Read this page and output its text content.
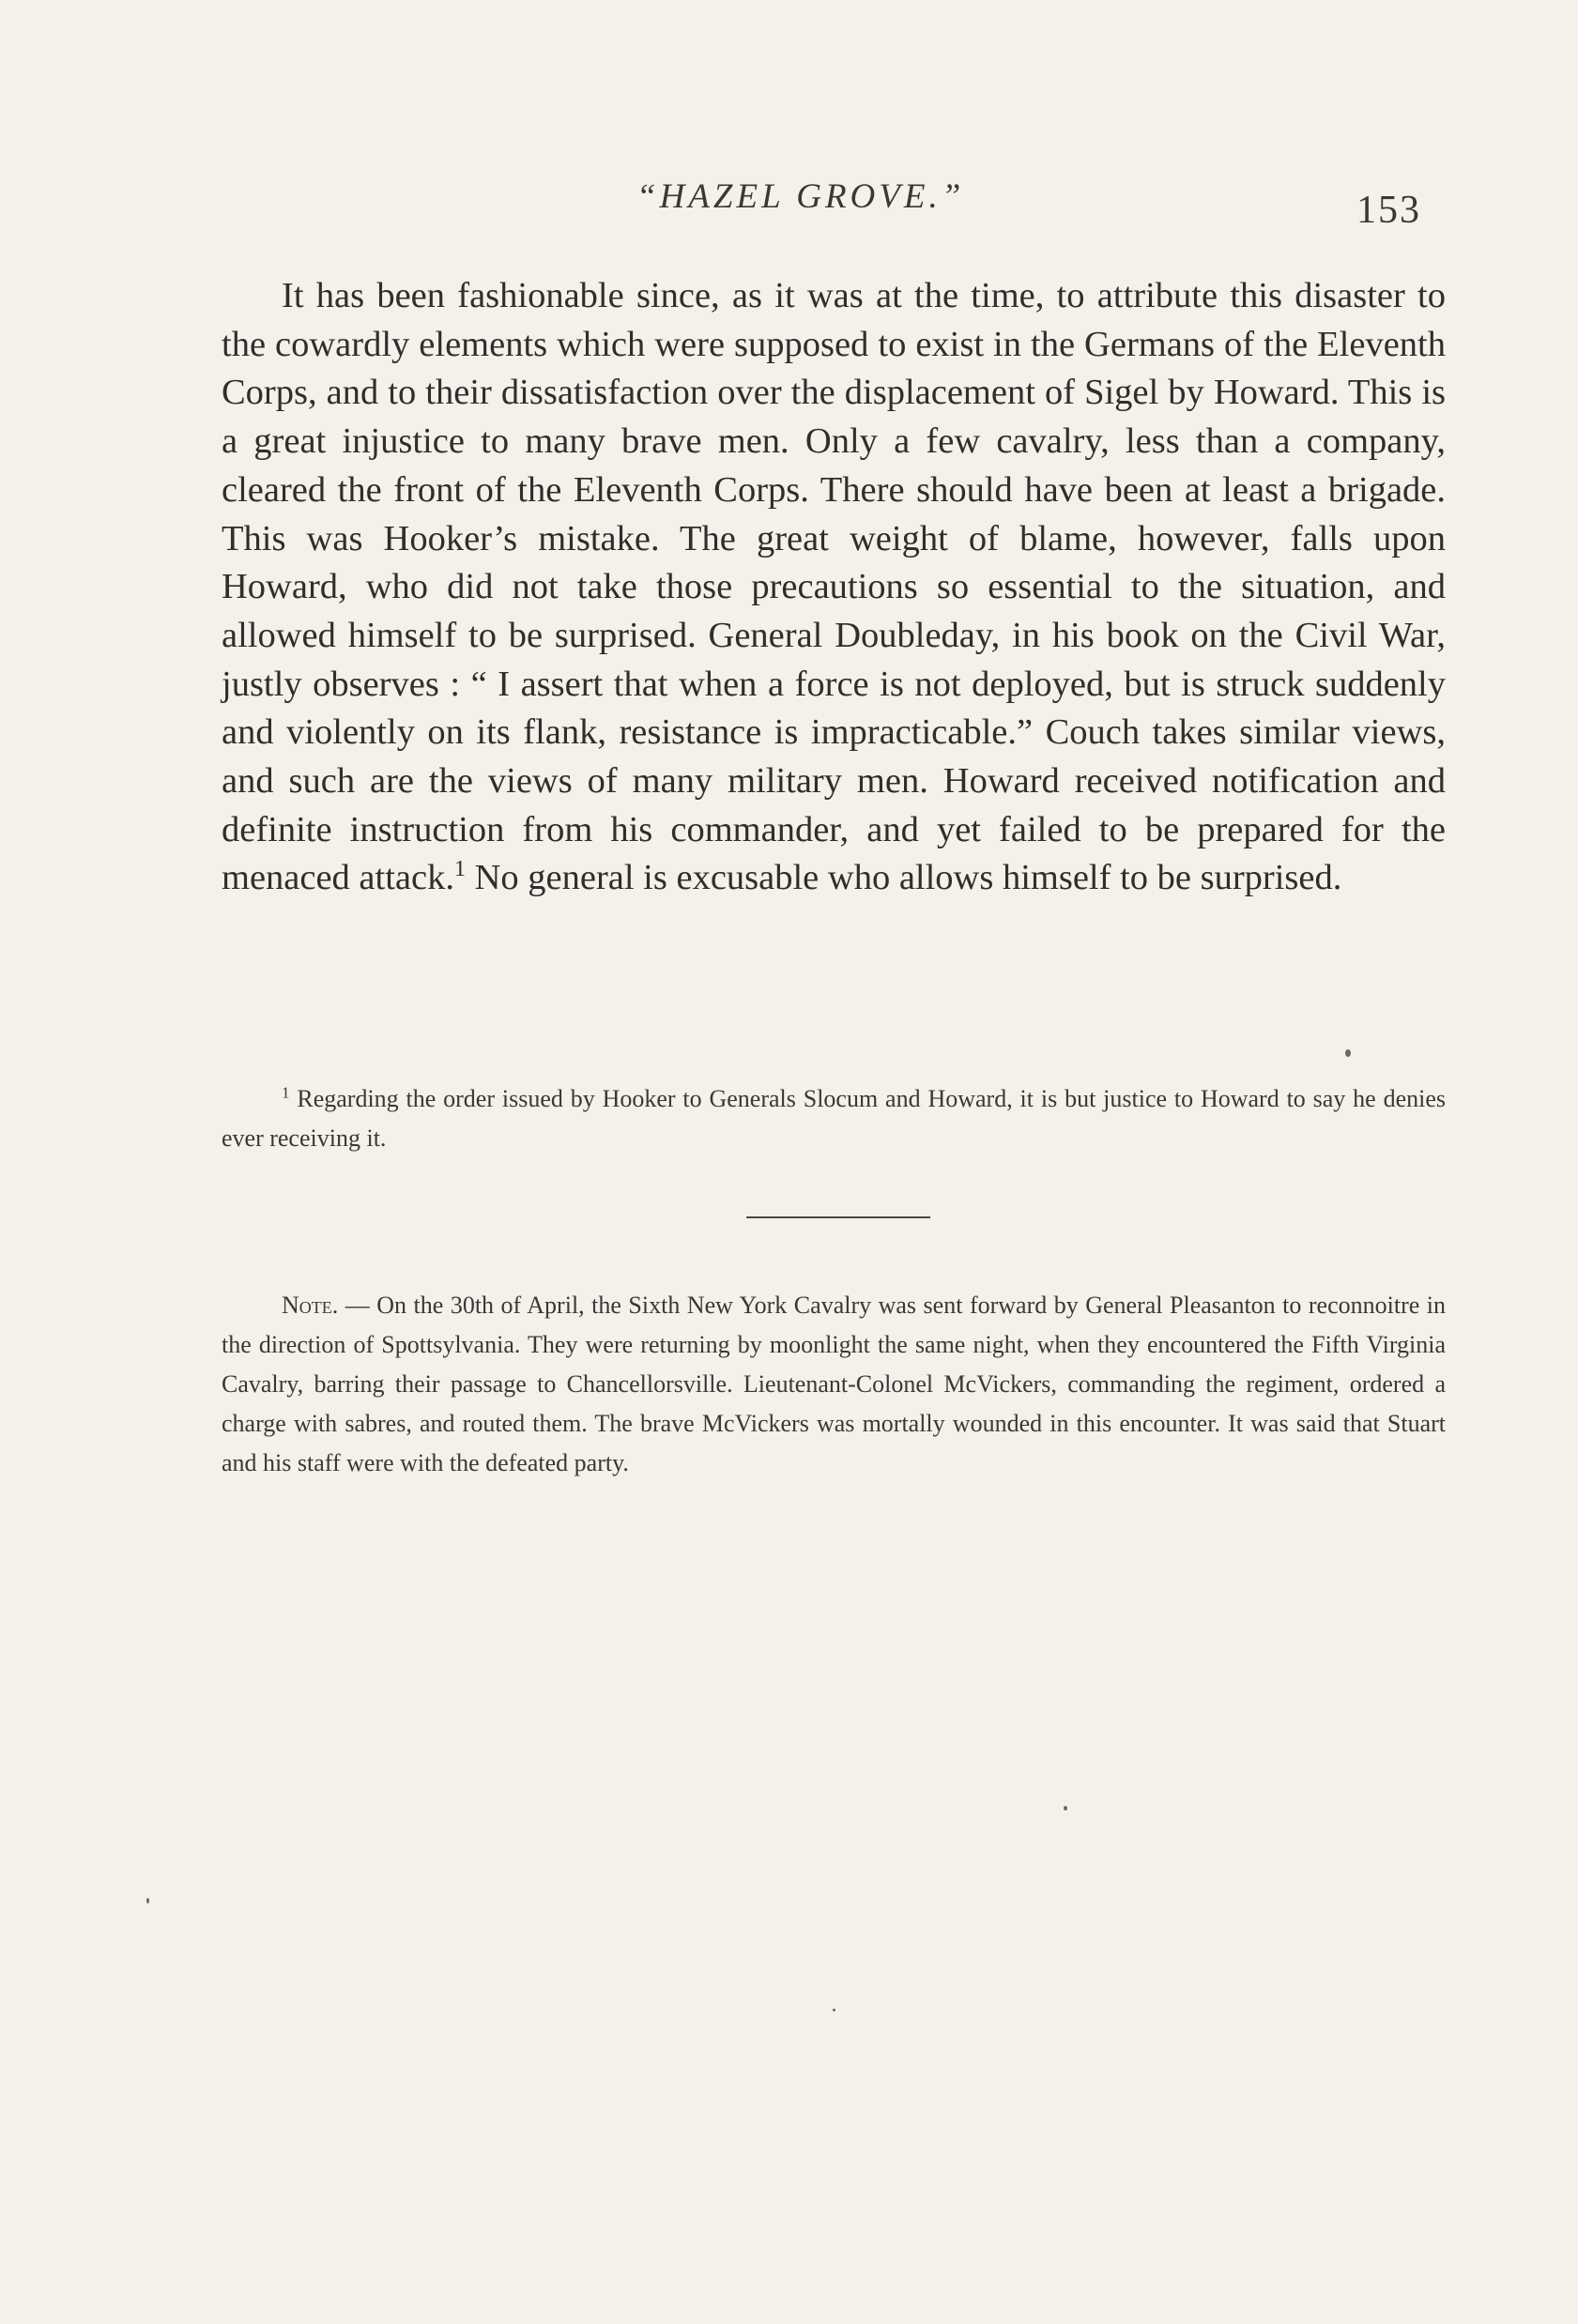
“HAZEL GROVE.”	153
It has been fashionable since, as it was at the time, to attribute this disaster to the cowardly elements which were supposed to exist in the Germans of the Eleventh Corps, and to their dissatisfaction over the displacement of Sigel by Howard. This is a great injustice to many brave men. Only a few cavalry, less than a company, cleared the front of the Eleventh Corps. There should have been at least a brigade. This was Hooker’s mistake. The great weight of blame, however, falls upon Howard, who did not take those precautions so essential to the situation, and allowed himself to be surprised. General Doubleday, in his book on the Civil War, justly observes : “ I assert that when a force is not deployed, but is struck suddenly and violently on its flank, resistance is impracticable.” Couch takes similar views, and such are the views of many military men. Howard received notification and definite instruction from his commander, and yet failed to be prepared for the menaced attack.$^1$ No general is excusable who allows himself to be surprised.
$^1$ Regarding the order issued by Hooker to Generals Slocum and Howard, it is but justice to Howard to say he denies ever receiving it.
Note. — On the 30th of April, the Sixth New York Cavalry was sent forward by General Pleasanton to reconnoitre in the direction of Spottsylvania. They were returning by moonlight the same night, when they encountered the Fifth Virginia Cavalry, barring their passage to Chancellorsville. Lieutenant-Colonel McVickers, commanding the regiment, ordered a charge with sabres, and routed them. The brave McVickers was mortally wounded in this encounter. It was said that Stuart and his staff were with the defeated party.
